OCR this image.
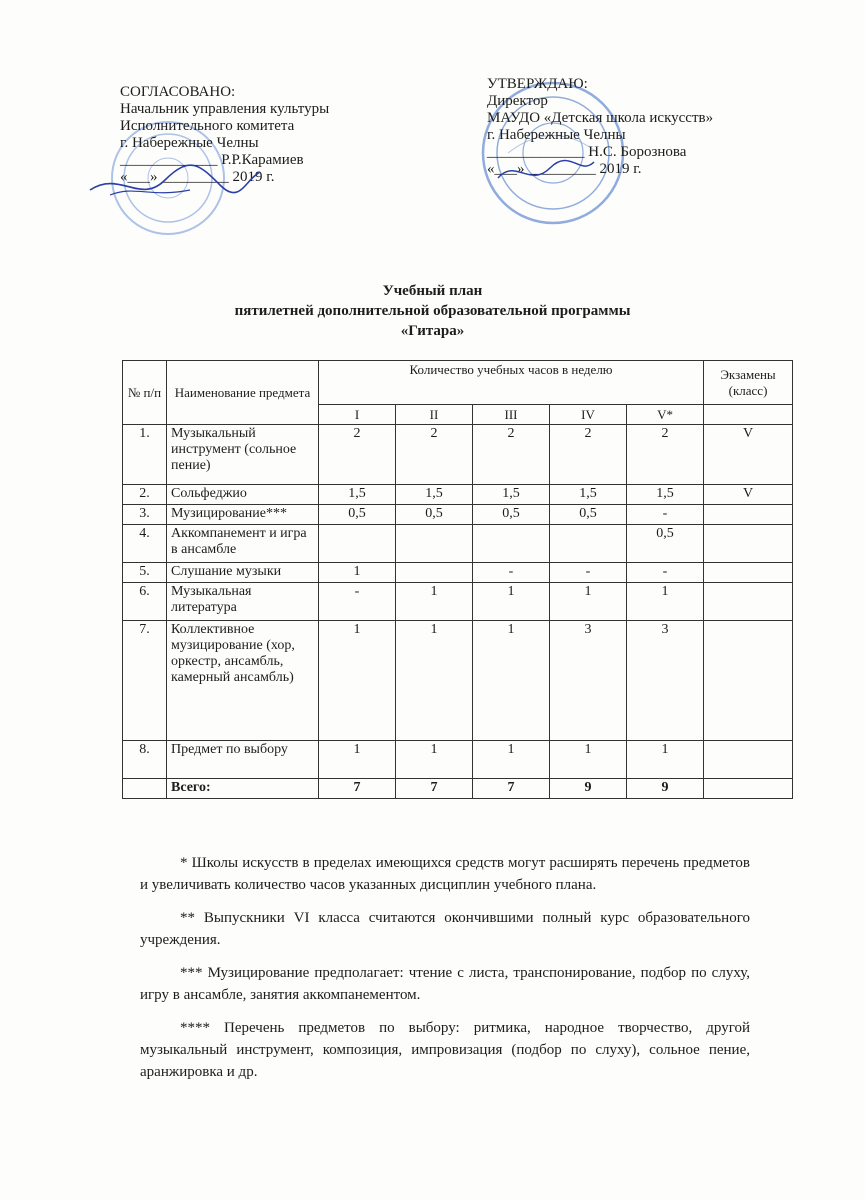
СОГЛАСОВАНО:
Начальник управления культуры
Исполнительного комитета
г. Набережные Челны
_____________ Р.Р.Карамиев
«___» _________ 2019 г.
УТВЕРЖДАЮ:
Директор
МАУДО «Детская школа искусств»
г. Набережные Челны
_____________ Н.С. Борознова
«___» _________ 2019 г.
Учебный план
пятилетней дополнительной образовательной программы
«Гитара»
№ п/п	Наименование предмета	Количество учебных часов в неделю					Экзамены (класс)
		I	II	III	IV	V*	
1.	Музыкальный инструмент (сольное пение)	2	2	2	2	2	V
2.	Сольфеджио	1,5	1,5	1,5	1,5	1,5	V
3.	Музицирование***	0,5	0,5	0,5	0,5	-	
4.	Аккомпанемент и игра в ансамбле					0,5	
5.	Слушание музыки	1		-	-	-	
6.	Музыкальная литература	-	1	1	1	1	
7.	Коллективное музицирование (хор, оркестр, ансамбль, камерный ансамбль)	1	1	1	3	3	
8.	Предмет по выбору	1	1	1	1	1	
	Всего:	7	7	7	9	9	

* Школы искусств в пределах имеющихся средств могут расширять перечень предметов и увеличивать количество часов указанных дисциплин учебного плана.

** Выпускники VI класса считаются окончившими полный курс образовательного учреждения.

*** Музицирование предполагает: чтение с листа, транспонирование, подбор по слуху, игру в ансамбле, занятия аккомпанементом.

**** Перечень предметов по выбору: ритмика, народное творчество, другой музыкальный инструмент, композиция, импровизация (подбор по слуху), сольное пение, аранжировка и др.
